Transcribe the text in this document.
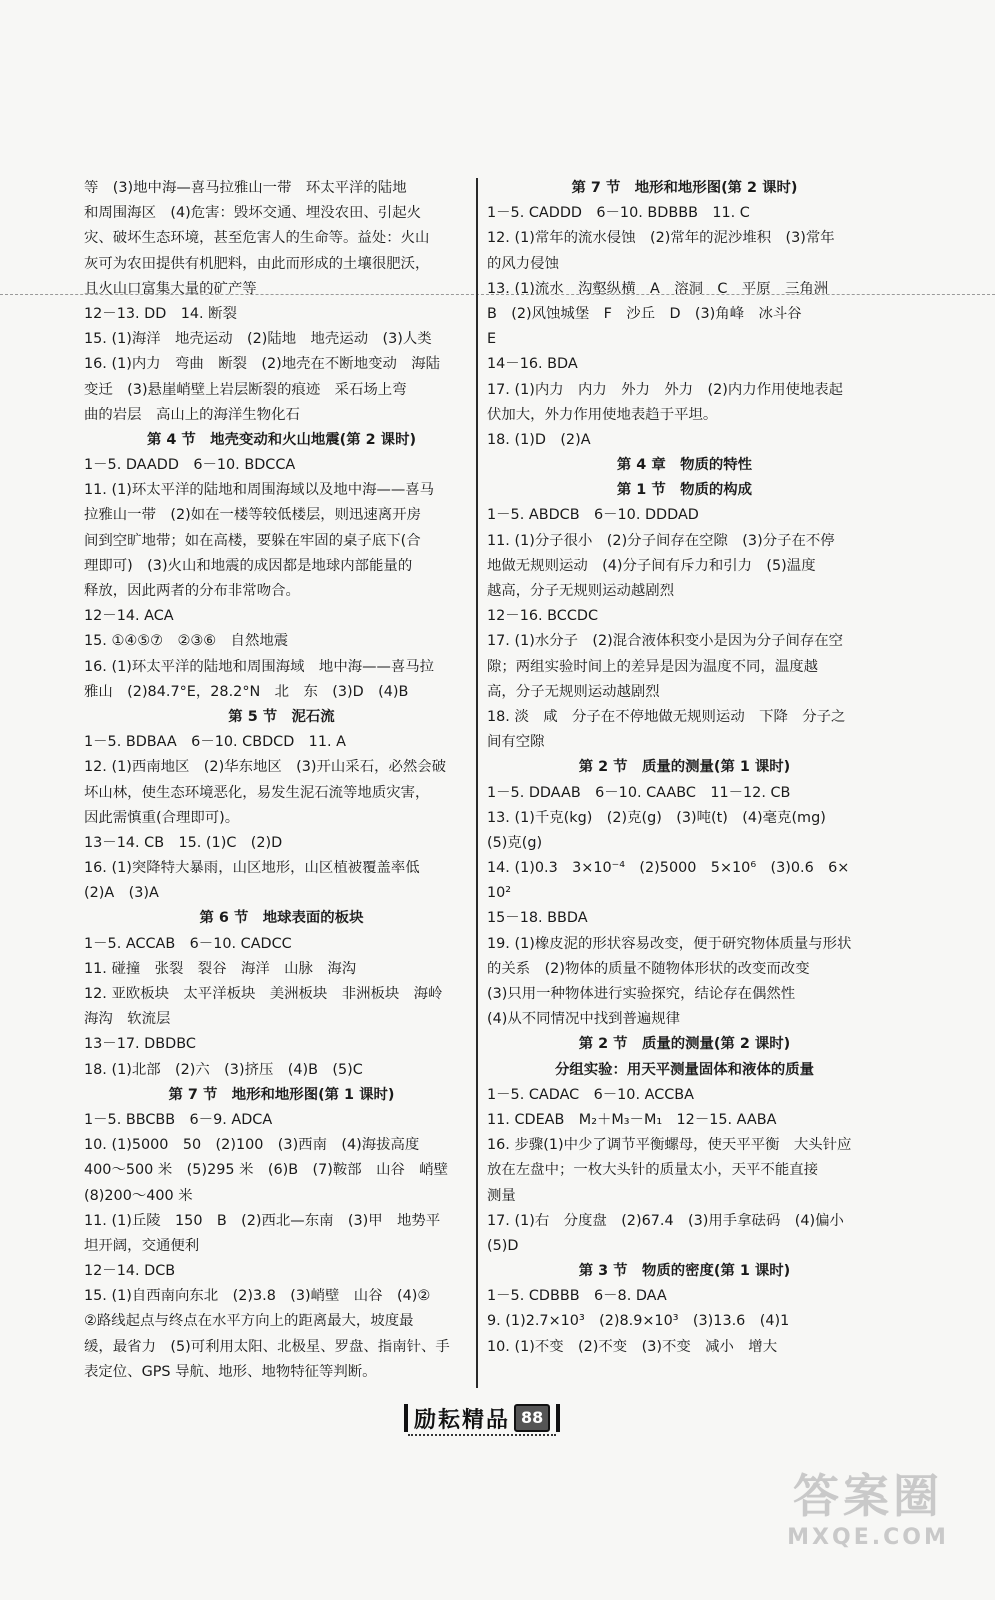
等　(3)地中海—喜马拉雅山一带　环太平洋的陆地
和周围海区　(4)危害：毁坏交通、埋没农田、引起火
灾、破坏生态环境，甚至危害人的生命等。益处：火山
灰可为农田提供有机肥料，由此而形成的土壤很肥沃，
且火山口富集大量的矿产等
12－13. DD　14. 断裂
15. (1)海洋　地壳运动　(2)陆地　地壳运动　(3)人类
16. (1)内力　弯曲　断裂　(2)地壳在不断地变动　海陆
变迁　(3)悬崖峭壁上岩层断裂的痕迹　采石场上弯
曲的岩层　高山上的海洋生物化石
第 4 节　地壳变动和火山地震(第 2 课时)
1－5. DAADD　6－10. BDCCA
11. (1)环太平洋的陆地和周围海域以及地中海——喜马
拉雅山一带　(2)如在一楼等较低楼层，则迅速离开房
间到空旷地带；如在高楼，要躲在牢固的桌子底下(合
理即可)　(3)火山和地震的成因都是地球内部能量的
释放，因此两者的分布非常吻合。
12－14. ACA
15. ①④⑤⑦　②③⑥　自然地震
16. (1)环太平洋的陆地和周围海域　地中海——喜马拉
雅山　(2)84.7°E，28.2°N　北　东　(3)D　(4)B
第 5 节　泥石流
1－5. BDBAA　6－10. CBDCD　11. A
12. (1)西南地区　(2)华东地区　(3)开山采石，必然会破
坏山林，使生态环境恶化，易发生泥石流等地质灾害，
因此需慎重(合理即可)。
13－14. CB　15. (1)C　(2)D
16. (1)突降特大暴雨，山区地形，山区植被覆盖率低
(2)A　(3)A
第 6 节　地球表面的板块
1－5. ACCAB　6－10. CADCC
11. 碰撞　张裂　裂谷　海洋　山脉　海沟
12. 亚欧板块　太平洋板块　美洲板块　非洲板块　海岭
海沟　软流层
13－17. DBDBC
18. (1)北部　(2)六　(3)挤压　(4)B　(5)C
第 7 节　地形和地形图(第 1 课时)
1－5. BBCBB　6－9. ADCA
10. (1)5000　50　(2)100　(3)西南　(4)海拔高度
400～500 米　(5)295 米　(6)B　(7)鞍部　山谷　峭壁
(8)200～400 米
11. (1)丘陵　150　B　(2)西北—东南　(3)甲　地势平
坦开阔，交通便利
12－14. DCB
15. (1)自西南向东北　(2)3.8　(3)峭壁　山谷　(4)②
②路线起点与终点在水平方向上的距离最大，坡度最
缓，最省力　(5)可利用太阳、北极星、罗盘、指南针、手
表定位、GPS 导航、地形、地物特征等判断。
第 7 节　地形和地形图(第 2 课时)
1－5. CADDD　6－10. BDBBB　11. C
12. (1)常年的流水侵蚀　(2)常年的泥沙堆积　(3)常年
的风力侵蚀
13. (1)流水　沟壑纵横　A　溶洞　C　平原　三角洲
B　(2)风蚀城堡　F　沙丘　D　(3)角峰　冰斗谷
E
14－16. BDA
17. (1)内力　内力　外力　外力　(2)内力作用使地表起
伏加大，外力作用使地表趋于平坦。
18. (1)D　(2)A
第 4 章　物质的特性
第 1 节　物质的构成
1－5. ABDCB　6－10. DDDAD
11. (1)分子很小　(2)分子间存在空隙　(3)分子在不停
地做无规则运动　(4)分子间有斥力和引力　(5)温度
越高，分子无规则运动越剧烈
12－16. BCCDC
17. (1)水分子　(2)混合液体积变小是因为分子间存在空
隙；两组实验时间上的差异是因为温度不同，温度越
高，分子无规则运动越剧烈
18. 淡　咸　分子在不停地做无规则运动　下降　分子之
间有空隙
第 2 节　质量的测量(第 1 课时)
1－5. DDAAB　6－10. CAABC　11－12. CB
13. (1)千克(kg)　(2)克(g)　(3)吨(t)　(4)毫克(mg)
(5)克(g)
14. (1)0.3　3×10⁻⁴　(2)5000　5×10⁶　(3)0.6　6×
10²
15－18. BBDA
19. (1)橡皮泥的形状容易改变，便于研究物体质量与形状
的关系　(2)物体的质量不随物体形状的改变而改变
(3)只用一种物体进行实验探究，结论存在偶然性
(4)从不同情况中找到普遍规律
第 2 节　质量的测量(第 2 课时)
分组实验：用天平测量固体和液体的质量
1－5. CADAC　6－10. ACCBA
11. CDEAB　M₂＋M₃－M₁　12－15. AABA
16. 步骤(1)中少了调节平衡螺母，使天平平衡　大头针应
放在左盘中；一枚大头针的质量太小，天平不能直接
测量
17. (1)右　分度盘　(2)67.4　(3)用手拿砝码　(4)偏小
(5)D
第 3 节　物质的密度(第 1 课时)
1－5. CDBBB　6－8. DAA
9. (1)2.7×10³　(2)8.9×10³　(3)13.6　(4)1
10. (1)不变　(2)不变　(3)不变　减小　增大
励耘精品 88
答案圈
MXQE.COM
